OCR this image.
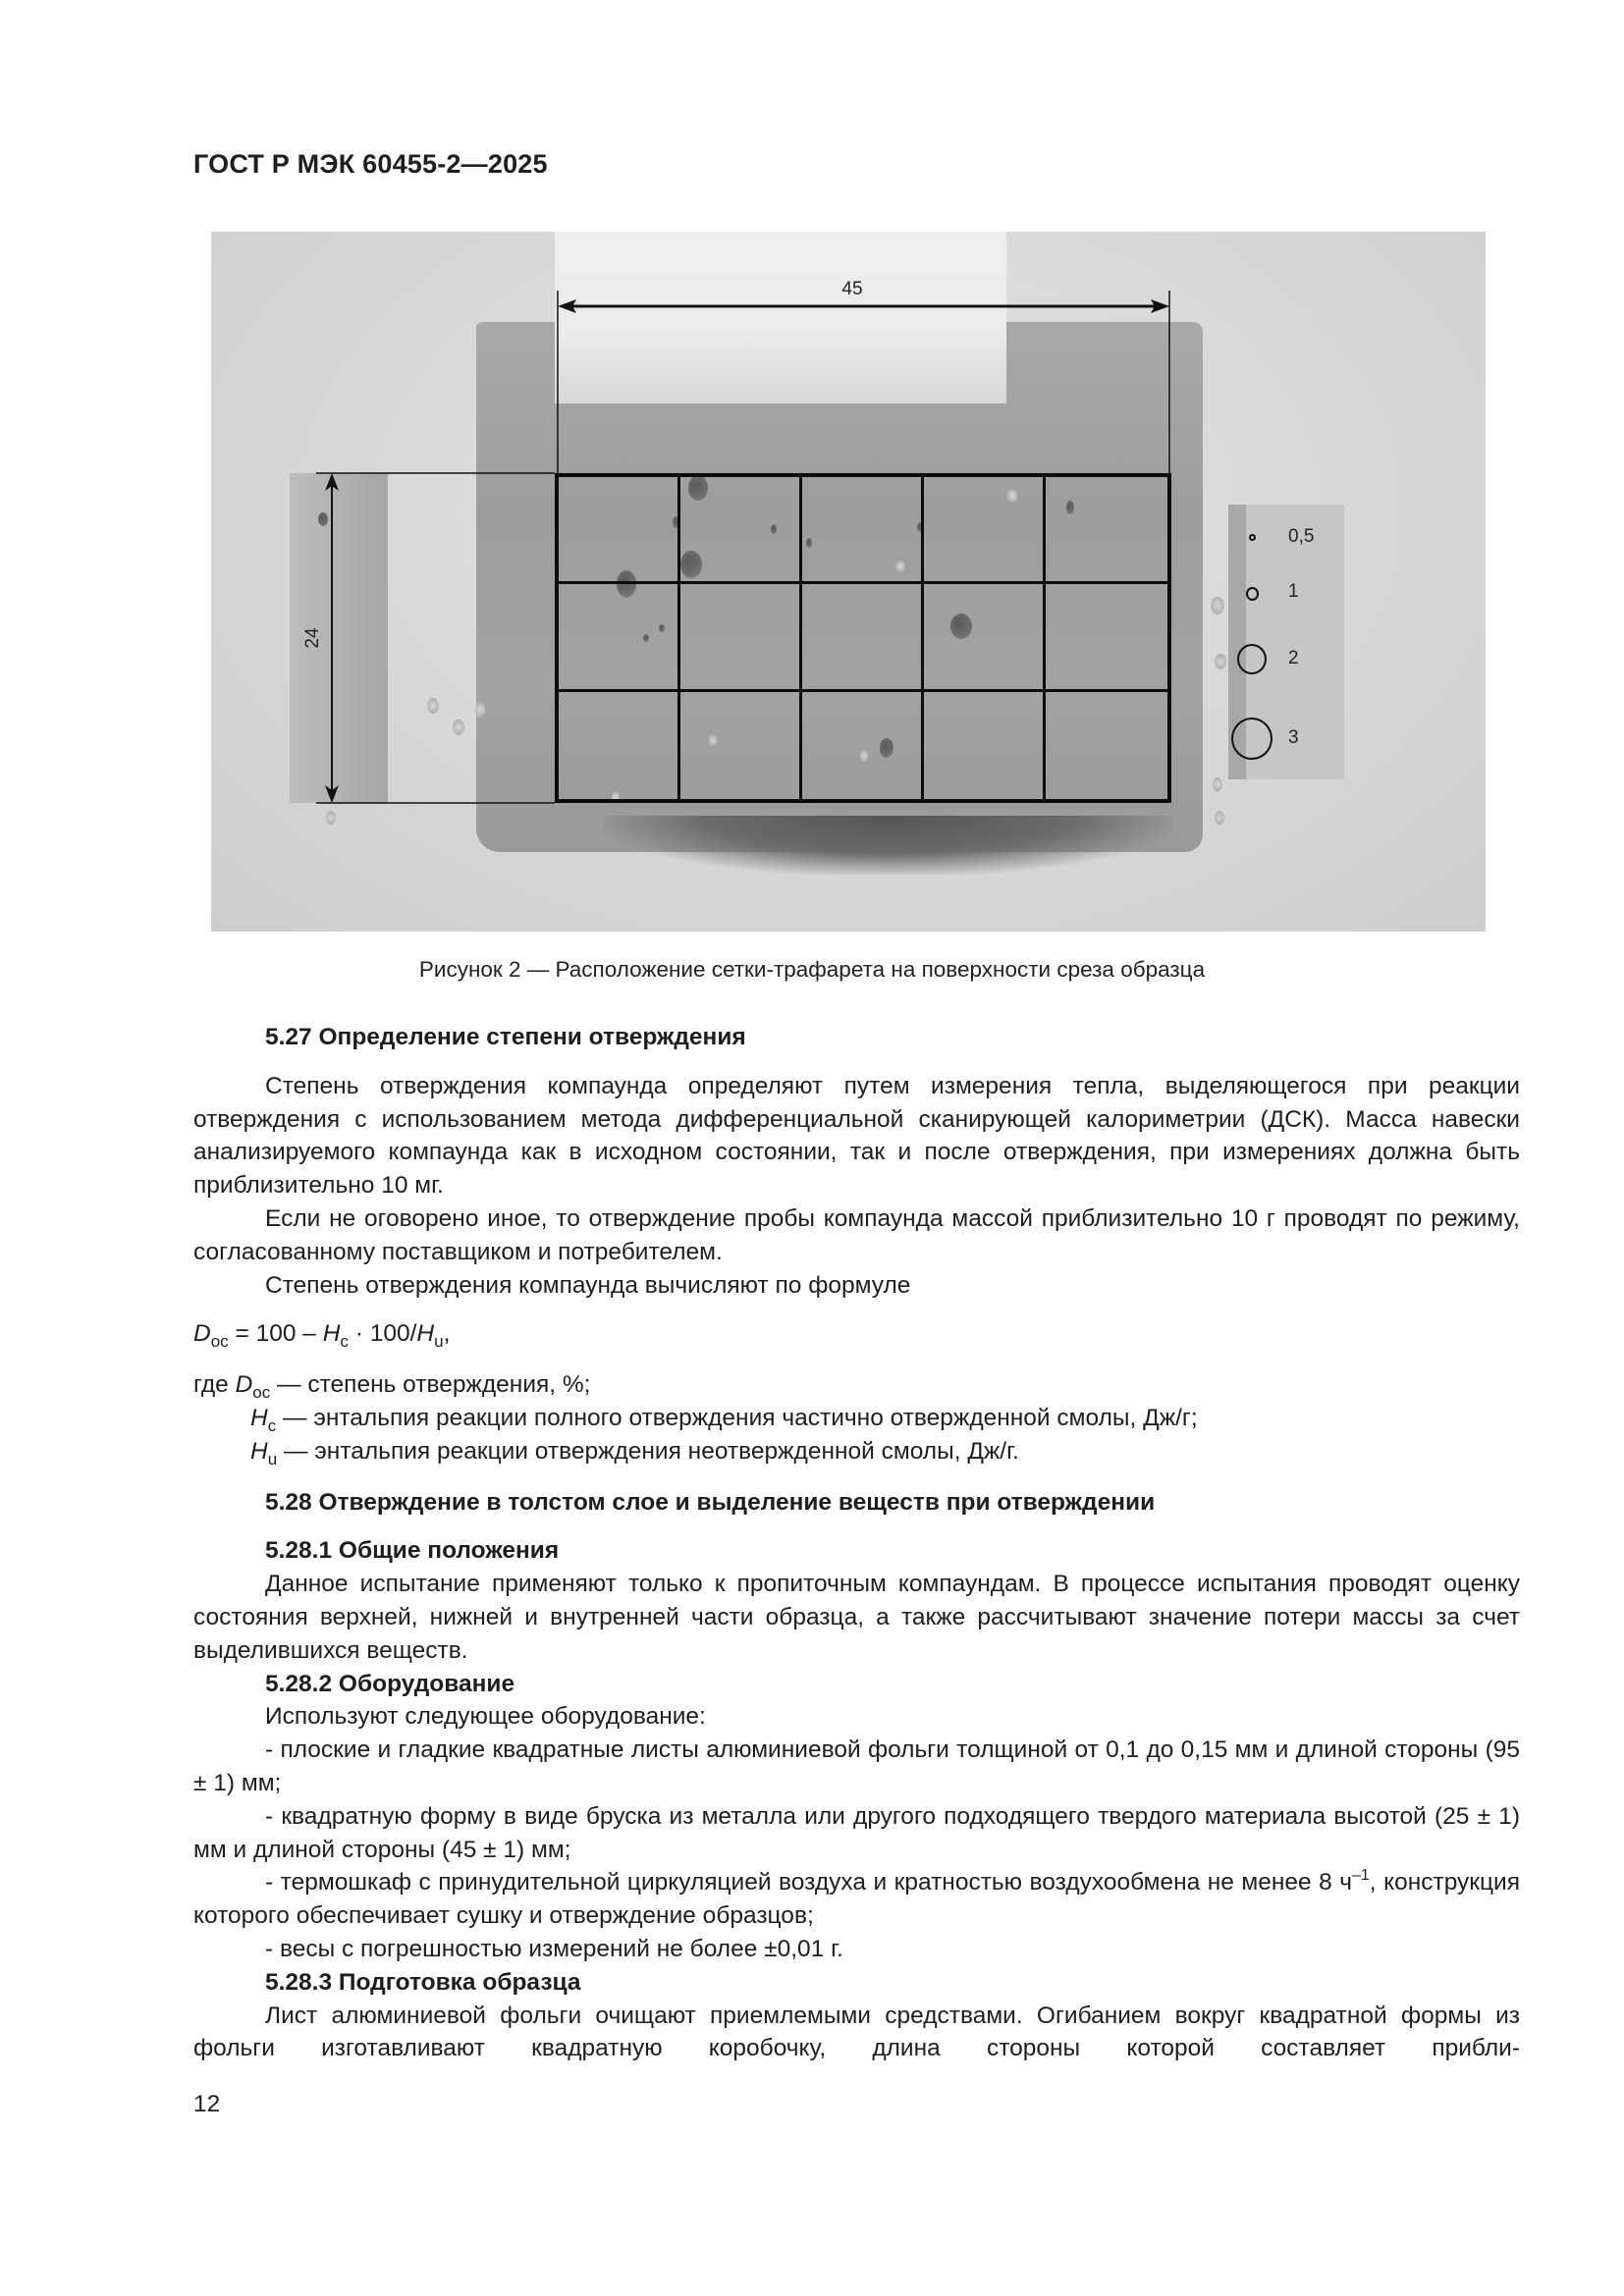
ГОСТ Р МЭК 60455-2—2025
45
24
0,5
1
2
3
Рисунок 2 — Расположение сетки-трафарета на поверхности среза образца
5.27 Определение степени отверждения

Степень отверждения компаунда определяют путем измерения тепла, выделяющегося при реакции отверждения с использованием метода дифференциальной сканирующей калориметрии (ДСК). Масса навески анализируемого компаунда как в исходном состоянии, так и после отверждения, при измерениях должна быть приблизительно 10 мг.

Если не оговорено иное, то отверждение пробы компаунда массой приблизительно 10 г проводят по режиму, согласованному поставщиком и потребителем.

Степень отверждения компаунда вычисляют по формуле

$D_{oc} = 100 - H_c \cdot 100/H_u$,

где $D_{oc}$ — степень отверждения, %;

$H_c$ — энтальпия реакции полного отверждения частично отвержденной смолы, Дж/г;

$H_u$ — энтальпия реакции отверждения неотвержденной смолы, Дж/г.

5.28 Отверждение в толстом слое и выделение веществ при отверждении
5.28.1 Общие положения

Данное испытание применяют только к пропиточным компаундам. В процессе испытания проводят оценку состояния верхней, нижней и внутренней части образца, а также рассчитывают значение потери массы за счет выделившихся веществ.

5.28.2 Оборудование

Используют следующее оборудование:

- плоские и гладкие квадратные листы алюминиевой фольги толщиной от 0,1 до 0,15 мм и длиной стороны (95 ± 1) мм;

- квадратную форму в виде бруска из металла или другого подходящего твердого материала высотой (25 ± 1) мм и длиной стороны (45 ± 1) мм;

- термошкаф с принудительной циркуляцией воздуха и кратностью воздухообмена не менее 8 $ч^{-1}$, конструкция которого обеспечивает сушку и отверждение образцов;

- весы с погрешностью измерений не более ±0,01 г.

5.28.3 Подготовка образца

Лист алюминиевой фольги очищают приемлемыми средствами. Огибанием вокруг квадратной формы из фольги изготавливают квадратную коробочку, длина стороны которой составляет прибли-

12
